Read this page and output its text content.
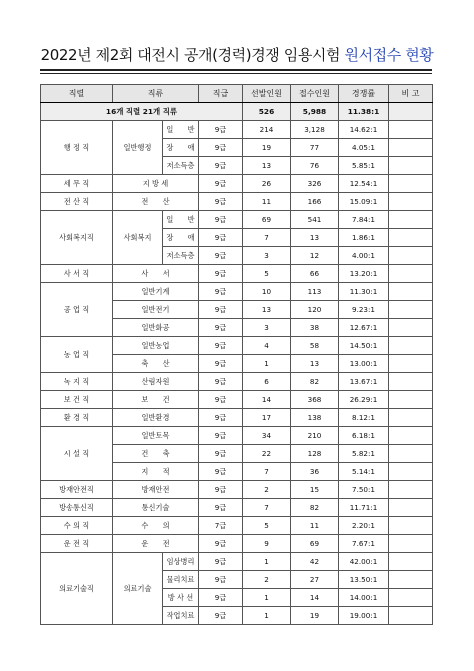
2022년 제2회 대전시 공개(경력)경쟁 임용시험 원서접수 현황
직렬	직류		직급	선발인원	접수인원	경쟁률	비 고
16개 직렬 21개 직류				526	5,988	11.38:1	
행 정 직	일반행정	일　　반	9급	214	3,128	14.62:1	
		장　　애	9급	19	77	4.05:1	
		저소득층	9급	13	76	5.85:1	
세 무 직	지 방 세		9급	26	326	12.54:1	
전 산 직	전　　산		9급	11	166	15.09:1	
사회복지직	사회복지	일　　반	9급	69	541	7.84:1	
		장　　애	9급	7	13	1.86:1	
		저소득층	9급	3	12	4.00:1	
사 서 직	사　　서		9급	5	66	13.20:1	
공 업 직	일반기계		9급	10	113	11.30:1	
	일반전기		9급	13	120	9.23:1	
	일반화공		9급	3	38	12.67:1	
농 업 직	일반농업		9급	4	58	14.50:1	
	축　　산		9급	1	13	13.00:1	
녹 지 직	산림자원		9급	6	82	13.67:1	
보 건 직	보　　건		9급	14	368	26.29:1	
환 경 직	일반환경		9급	17	138	8.12:1	
시 설 직	일반토목		9급	34	210	6.18:1	
	건　　축		9급	22	128	5.82:1	
	지　　적		9급	7	36	5.14:1	
방재안전직	방재안전		9급	2	15	7.50:1	
방송통신직	통신기술		9급	7	82	11.71:1	
수 의 직	수　　의		7급	5	11	2.20:1	
운 전 직	운　　전		9급	9	69	7.67:1	
의료기술직	의료기술	임상병리	9급	1	42	42.00:1	
		물리치료	9급	2	27	13.50:1	
		방 사 선	9급	1	14	14.00:1	
		작업치료	9급	1	19	19.00:1	
